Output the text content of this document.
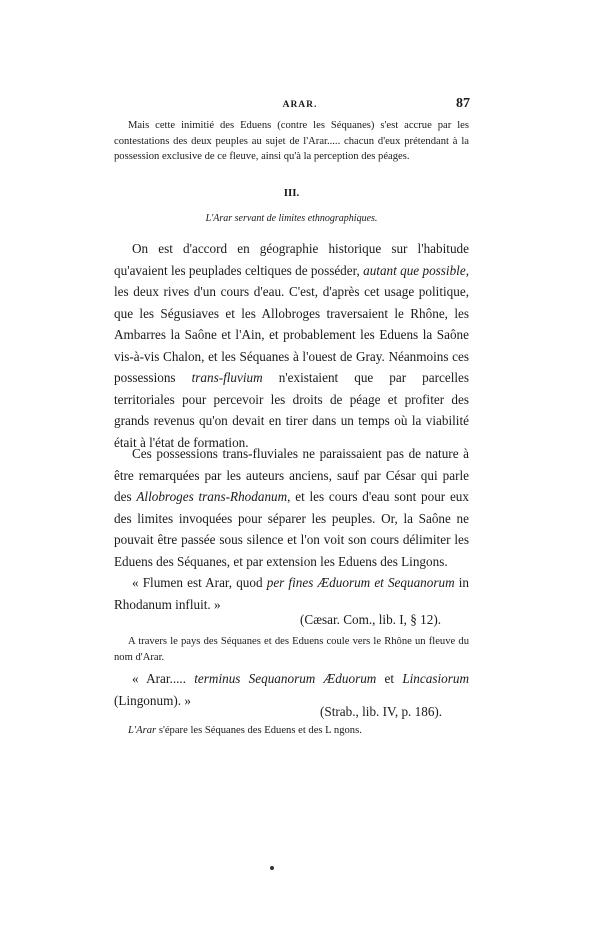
ARAR.	87

Mais cette inimitié des Eduens (contre les Séquanes) s'est accrue par les contestations des deux peuples au sujet de l'Arar..... chacun d'eux prétendant à la possession exclusive de ce fleuve, ainsi qu'à la perception des péages.

III.
L'Arar servant de limites ethnographiques.

On est d'accord en géographie historique sur l'habitude qu'avaient les peuplades celtiques de posséder, autant que possible, les deux rives d'un cours d'eau. C'est, d'après cet usage politique, que les Ségusiaves et les Allobroges traversaient le Rhône, les Ambarres la Saône et l'Ain, et probablement les Eduens la Saône vis-à-vis Chalon, et les Séquanes à l'ouest de Gray. Néanmoins ces possessions trans-fluvium n'existaient que par parcelles territoriales pour percevoir les droits de péage et profiter des grands revenus qu'on devait en tirer dans un temps où la viabilité était à l'état de formation.

Ces possessions trans-fluviales ne paraissaient pas de nature à être remarquées par les auteurs anciens, sauf par César qui parle des Allobroges trans-Rhodanum, et les cours d'eau sont pour eux des limites invoquées pour séparer les peuples. Or, la Saône ne pouvait être passée sous silence et l'on voit son cours délimiter les Eduens des Séquanes, et par extension les Eduens des Lingons.

« Flumen est Arar, quod per fines Æduorum et Sequanorum in Rhodanum influit. »

(Cæsar. Com., lib. I, § 12).

A travers le pays des Séquanes et des Eduens coule vers le Rhône un fleuve du nom d'Arar.

« Arar..... terminus Sequanorum Æduorum et Lincasiorum (Lingonum). »

(Strab., lib. IV, p. 186).
L'Arar s'épare les Séquanes des Eduens et des L ngons.
